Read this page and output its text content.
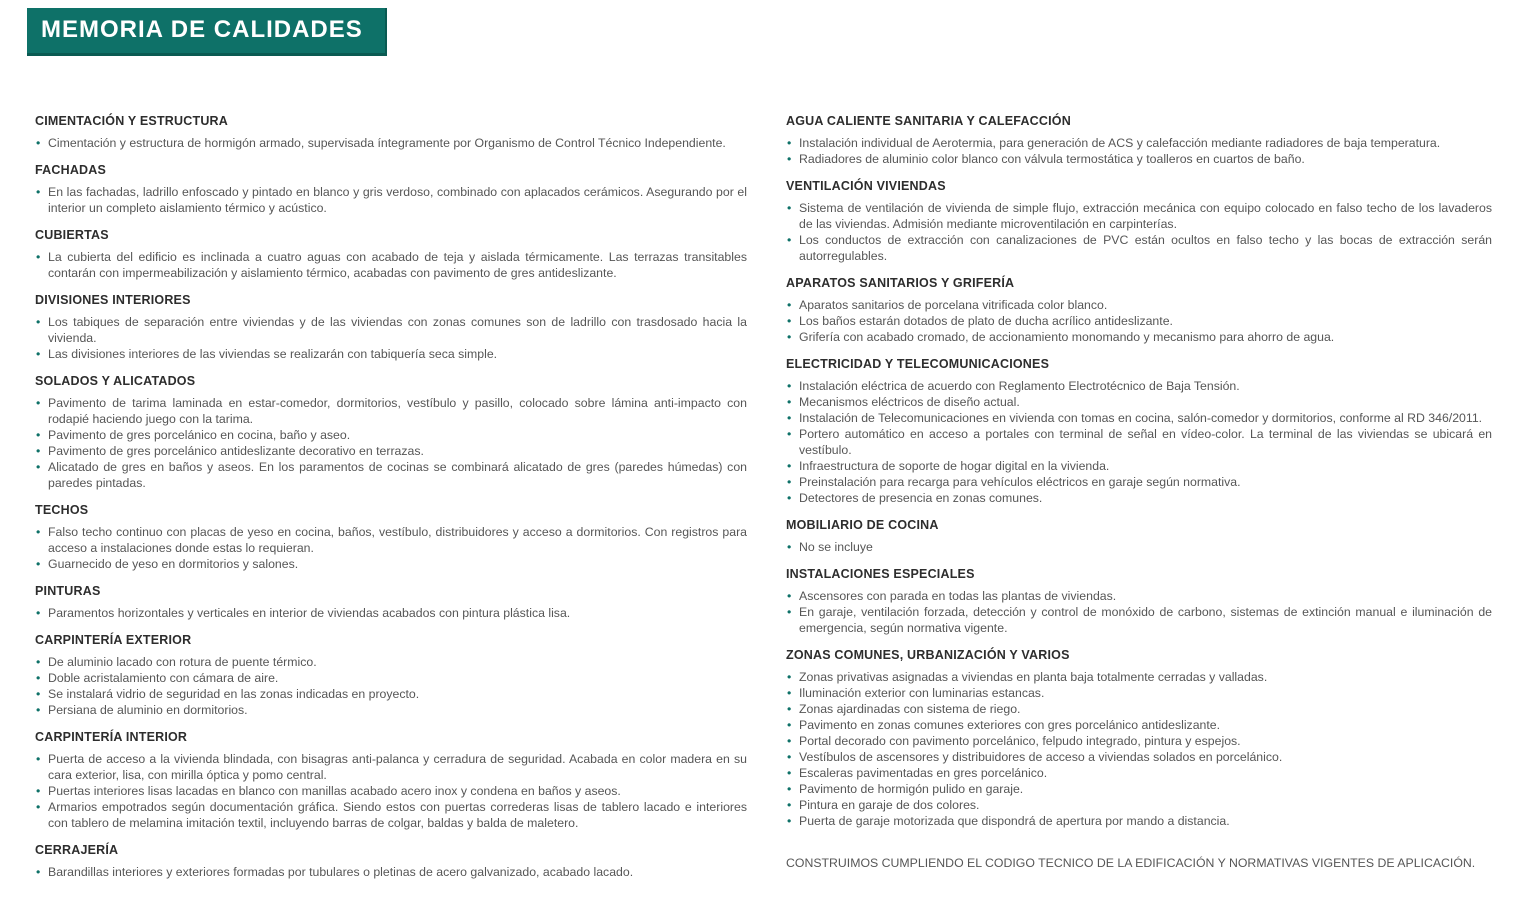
MEMORIA DE CALIDADES
CIMENTACIÓN Y ESTRUCTURA
• Cimentación y estructura de hormigón armado, supervisada íntegramente por Organismo de Control Técnico Independiente.
FACHADAS
• En las fachadas, ladrillo enfoscado y pintado en blanco y gris verdoso, combinado con aplacados cerámicos. Asegurando por el interior un completo aislamiento térmico y acústico.
CUBIERTAS
• La cubierta del edificio es inclinada a cuatro aguas con acabado de teja y aislada térmicamente. Las terrazas transitables contarán con impermeabilización y aislamiento térmico, acabadas con pavimento de gres antideslizante.
DIVISIONES INTERIORES
• Los tabiques de separación entre viviendas y de las viviendas con zonas comunes son de ladrillo con trasdosado hacia la vivienda.
• Las divisiones interiores de las viviendas se realizarán con tabiquería seca simple.
SOLADOS Y ALICATADOS
• Pavimento de tarima laminada en estar-comedor, dormitorios, vestíbulo y pasillo, colocado sobre lámina anti-impacto con rodapié haciendo juego con la tarima.
• Pavimento de gres porcelánico en cocina, baño y aseo.
• Pavimento de gres porcelánico antideslizante decorativo en terrazas.
• Alicatado de gres en baños y aseos. En los paramentos de cocinas se combinará alicatado de gres (paredes húmedas) con paredes pintadas.
TECHOS
• Falso techo continuo con placas de yeso en cocina, baños, vestíbulo, distribuidores y acceso a dormitorios. Con registros para acceso a instalaciones donde estas lo requieran.
• Guarnecido de yeso en dormitorios y salones.
PINTURAS
• Paramentos horizontales y verticales en interior de viviendas acabados con pintura plástica lisa.
CARPINTERÍA EXTERIOR
• De aluminio lacado con rotura de puente térmico.
• Doble acristalamiento con cámara de aire.
• Se instalará vidrio de seguridad en las zonas indicadas en proyecto.
• Persiana de aluminio en dormitorios.
CARPINTERÍA INTERIOR
• Puerta de acceso a la vivienda blindada, con bisagras anti-palanca y cerradura de seguridad. Acabada en color madera en su cara exterior, lisa, con mirilla óptica y pomo central.
• Puertas interiores lisas lacadas en blanco con manillas acabado acero inox y condena en baños y aseos.
• Armarios empotrados según documentación gráfica. Siendo estos con puertas correderas lisas de tablero lacado e interiores con tablero de melamina imitación textil, incluyendo barras de colgar, baldas y balda de maletero.
CERRAJERÍA
• Barandillas interiores y exteriores formadas por tubulares o pletinas de acero galvanizado, acabado lacado.
AGUA CALIENTE SANITARIA Y CALEFACCIÓN
• Instalación individual de Aerotermia, para generación de ACS y calefacción mediante radiadores de baja temperatura.
• Radiadores de aluminio color blanco con válvula termostática y toalleros en cuartos de baño.
VENTILACIÓN VIVIENDAS
• Sistema de ventilación de vivienda de simple flujo, extracción mecánica con equipo colocado en falso techo de los lavaderos de las viviendas. Admisión mediante microventilación en carpinterías.
• Los conductos de extracción con canalizaciones de PVC están ocultos en falso techo y las bocas de extracción serán autorregulables.
APARATOS SANITARIOS Y GRIFERÍA
• Aparatos sanitarios de porcelana vitrificada color blanco.
• Los baños estarán dotados de plato de ducha acrílico antideslizante.
• Grifería con acabado cromado, de accionamiento monomando y mecanismo para ahorro de agua.
ELECTRICIDAD Y TELECOMUNICACIONES
• Instalación eléctrica de acuerdo con Reglamento Electrotécnico de Baja Tensión.
• Mecanismos eléctricos de diseño actual.
• Instalación de Telecomunicaciones en vivienda con tomas en cocina, salón-comedor y dormitorios, conforme al RD 346/2011.
• Portero automático en acceso a portales con terminal de señal en vídeo-color. La terminal de las viviendas se ubicará en vestíbulo.
• Infraestructura de soporte de hogar digital en la vivienda.
• Preinstalación para recarga para vehículos eléctricos en garaje según normativa.
• Detectores de presencia en zonas comunes.
MOBILIARIO DE COCINA
• No se incluye
INSTALACIONES ESPECIALES
• Ascensores con parada en todas las plantas de viviendas.
• En garaje, ventilación forzada, detección y control de monóxido de carbono, sistemas de extinción manual e iluminación de emergencia, según normativa vigente.
ZONAS COMUNES, URBANIZACIÓN Y VARIOS
• Zonas privativas asignadas a viviendas en planta baja totalmente cerradas y valladas.
• Iluminación exterior con luminarias estancas.
• Zonas ajardinadas con sistema de riego.
• Pavimento en zonas comunes exteriores con gres porcelánico antideslizante.
• Portal decorado con pavimento porcelánico, felpudo integrado, pintura y espejos.
• Vestíbulos de ascensores y distribuidores de acceso a viviendas solados en porcelánico.
• Escaleras pavimentadas en gres porcelánico.
• Pavimento de hormigón pulido en garaje.
• Pintura en garaje de dos colores.
• Puerta de garaje motorizada que dispondrá de apertura por mando a distancia.

CONSTRUIMOS CUMPLIENDO EL CODIGO TECNICO DE LA EDIFICACIÓN Y NORMATIVAS VIGENTES DE APLICACIÓN.
